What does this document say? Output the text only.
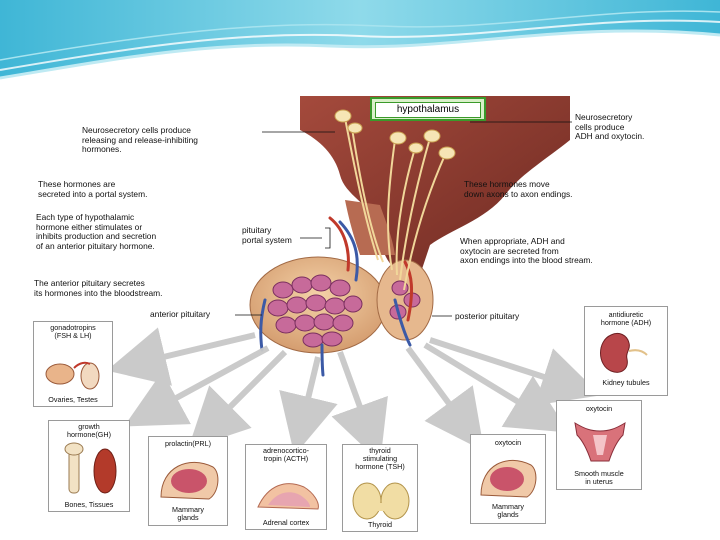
hypothalamus

Neurosecretory cells produce
releasing and release-inhibiting
hormones.

Neurosecretory
cells produce
ADH and oxytocin.

These hormones are
secreted into a portal system.

These hormones move
down axons to axon endings.

Each type of hypothalamic
hormone either stimulates or
inhibits production and secretion
of an anterior pituitary hormone.

pituitary
portal system	When appropriate, ADH and
oxytocin are secreted from
axon endings into the blood stream.

The anterior pituitary secretes
its hormones into the bloodstream.

anterior pituitary	posterior pituitary

gonadotropins
(FSH & LH)
Ovaries, Testes
growth
hormone(GH)
Bones, Tissues
prolactin(PRL)
Mammary
glands
adrenocortico-
tropin (ACTH)
Adrenal cortex
thyroid
stimulating
hormone (TSH)
Thyroid
oxytocin
Mammary
glands
oxytocin
Smooth muscle
in uterus
antidiuretic
hormone (ADH)
Kidney tubules
